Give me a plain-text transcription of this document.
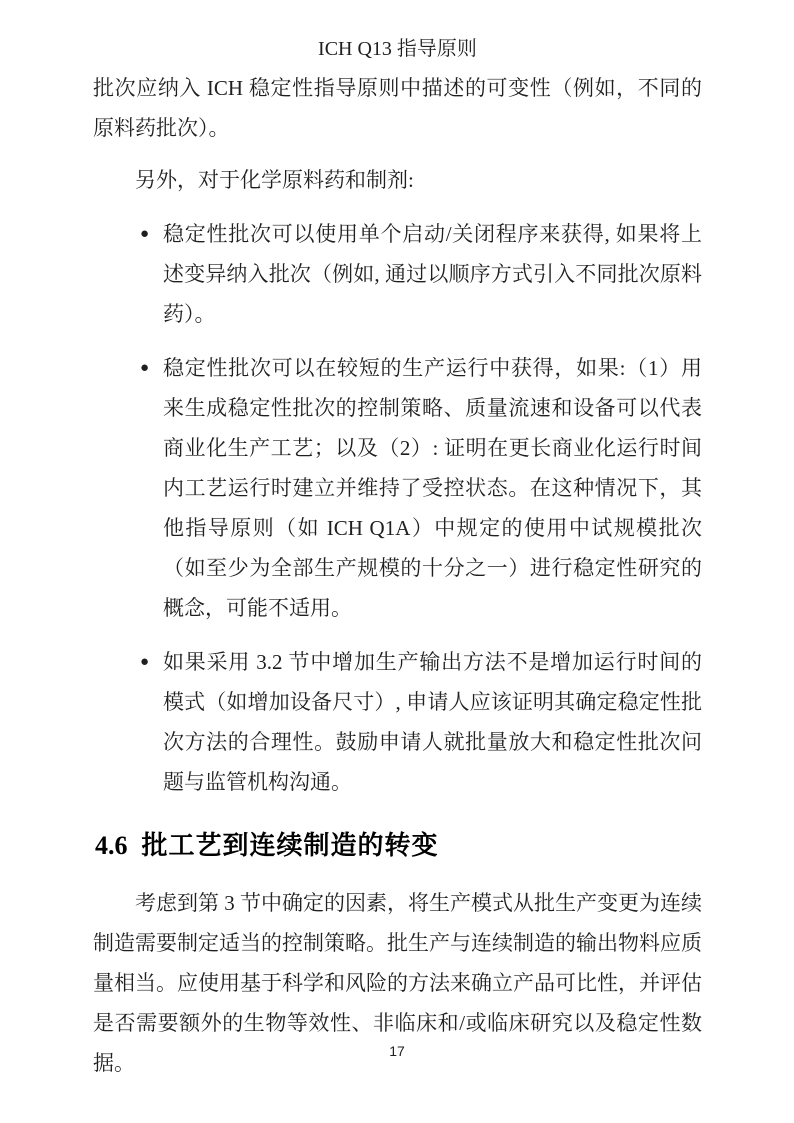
ICH Q13 指导原则

批次应纳入 ICH 稳定性指导原则中描述的可变性（例如，不同的原料药批次）。

另外，对于化学原料药和制剂:

● 稳定性批次可以使用单个启动/关闭程序来获得, 如果将上述变异纳入批次（例如, 通过以顺序方式引入不同批次原料药）。
● 稳定性批次可以在较短的生产运行中获得，如果:（1）用来生成稳定性批次的控制策略、质量流速和设备可以代表商业化生产工艺；以及（2）: 证明在更长商业化运行时间内工艺运行时建立并维持了受控状态。在这种情况下，其他指导原则（如 ICH Q1A）中规定的使用中试规模批次（如至少为全部生产规模的十分之一）进行稳定性研究的概念，可能不适用。
● 如果采用 3.2 节中增加生产输出方法不是增加运行时间的模式（如增加设备尺寸）, 申请人应该证明其确定稳定性批次方法的合理性。鼓励申请人就批量放大和稳定性批次问题与监管机构沟通。
4.6 批工艺到连续制造的转变

考虑到第 3 节中确定的因素，将生产模式从批生产变更为连续制造需要制定适当的控制策略。批生产与连续制造的输出物料应质量相当。应使用基于科学和风险的方法来确立产品可比性，并评估是否需要额外的生物等效性、非临床和/或临床研究以及稳定性数据。	17
